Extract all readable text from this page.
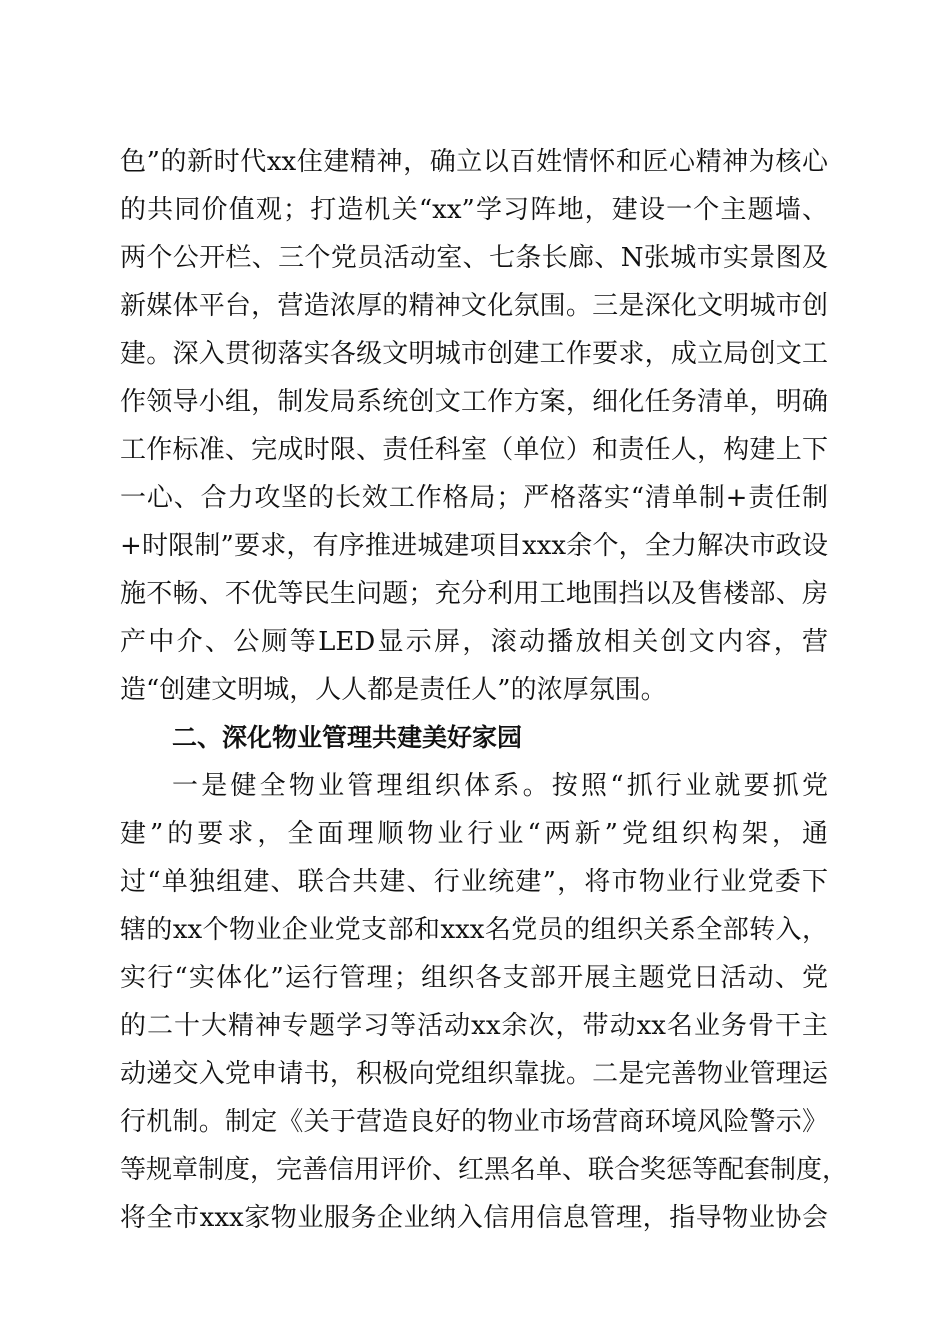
色”的新时代xx住建精神，确立以百姓情怀和匠心精神为核心
的共同价值观；打造机关“xx”学习阵地，建设一个主题墙、
两个公开栏、三个党员活动室、七条长廊、N张城市实景图及
新媒体平台，营造浓厚的精神文化氛围。三是深化文明城市创
建。深入贯彻落实各级文明城市创建工作要求，成立局创文工
作领导小组，制发局系统创文工作方案，细化任务清单，明确
工作标准、完成时限、责任科室（单位）和责任人，构建上下
一心、合力攻坚的长效工作格局；严格落实“清单制+责任制
+时限制”要求，有序推进城建项目xxx余个，全力解决市政设
施不畅、不优等民生问题；充分利用工地围挡以及售楼部、房
产中介、公厕等LED显示屏，滚动播放相关创文内容，营
造“创建文明城，人人都是责任人”的浓厚氛围。
二、深化物业管理共建美好家园
一是健全物业管理组织体系。按照“抓行业就要抓党
建”的要求，全面理顺物业行业“两新”党组织构架，通
过“单独组建、联合共建、行业统建”，将市物业行业党委下
辖的xx个物业企业党支部和xxx名党员的组织关系全部转入，
实行“实体化”运行管理；组织各支部开展主题党日活动、党
的二十大精神专题学习等活动xx余次，带动xx名业务骨干主
动递交入党申请书，积极向党组织靠拢。二是完善物业管理运
行机制。制定《关于营造良好的物业市场营商环境风险警示》
等规章制度，完善信用评价、红黑名单、联合奖惩等配套制度，
将全市xxx家物业服务企业纳入信用信息管理，指导物业协会
